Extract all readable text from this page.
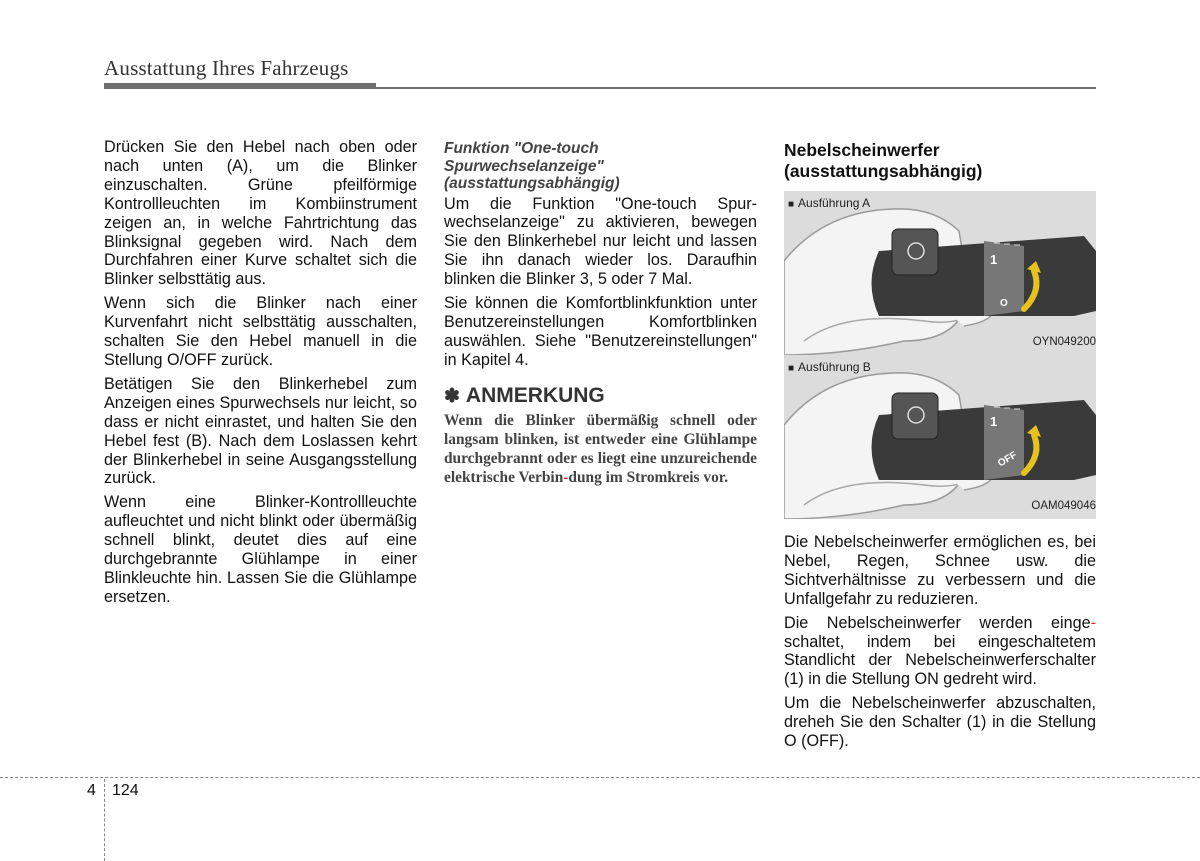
Ausstattung Ihres Fahrzeugs

Drücken Sie den Hebel nach oben oder nach unten (A), um die Blinker einzuschalten. Grüne pfeilförmige Kontrollleuchten im Kombiinstrument zeigen an, in welche Fahrtrichtung das Blinksignal gegeben wird. Nach dem Durchfahren einer Kurve schaltet sich die Blinker selbsttätig aus.

Wenn sich die Blinker nach einer Kurvenfahrt nicht selbsttätig ausschalten, schalten Sie den Hebel manuell in die Stellung O/OFF zurück.

Betätigen Sie den Blinkerhebel zum Anzeigen eines Spurwechsels nur leicht, so dass er nicht einrastet, und halten Sie den Hebel fest (B). Nach dem Loslassen kehrt der Blinkerhebel in seine Ausgangsstellung zurück.

Wenn eine Blinker-Kontrollleuchte aufleuchtet und nicht blinkt oder übermäßig schnell blinkt, deutet dies auf eine durchgebrannte Glühlampe in einer Blinkleuchte hin. Lassen Sie die Glühlampe ersetzen.

Funktion "One-touch
Spurwechselanzeige"
(ausstattungsabhängig)

Um die Funktion "One-touch Spur-wechselanzeige" zu aktivieren, bewegen Sie den Blinkerhebel nur leicht und lassen Sie ihn danach wieder los. Daraufhin blinken die Blinker 3, 5 oder 7 Mal.

Sie können die Komfortblinkfunktion unter Benutzereinstellungen Komfortblinken auswählen. Siehe "Benutzereinstellungen" in Kapitel 4.

✽ ANMERKUNG

Wenn die Blinker übermäßig schnell oder langsam blinken, ist entweder eine Glühlampe durchgebrannt oder es liegt eine unzureichende elektrische Verbin-dung im Stromkreis vor.

Nebelscheinwerfer
(ausstattungsabhängig)
■ Ausführung A
1
O
OYN049200
■ Ausführung B
1
OFF
OAM049046

Die Nebelscheinwerfer ermöglichen es, bei Nebel, Regen, Schnee usw. die Sichtverhältnisse zu verbessern und die Unfallgefahr zu reduzieren.

Die Nebelscheinwerfer werden einge-schaltet, indem bei eingeschaltetem Standlicht der Nebelscheinwerferschalter (1) in die Stellung ON gedreht wird.

Um die Nebelscheinwerfer abzuschalten, dreheh Sie den Schalter (1) in die Stellung O (OFF).

4 124
